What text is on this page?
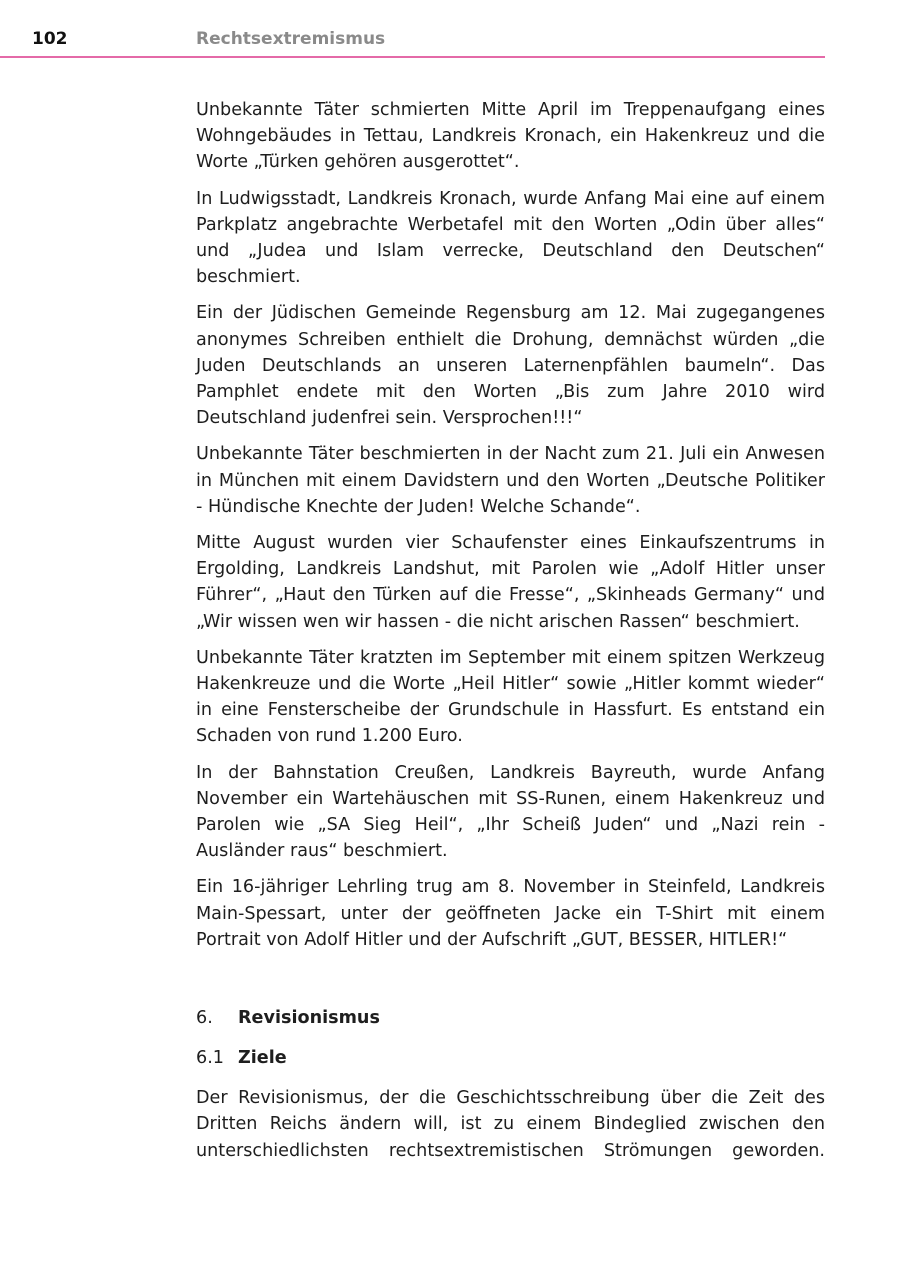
102	Rechtsextremismus

Unbekannte Täter schmierten Mitte April im Treppenaufgang eines Wohngebäudes in Tettau, Landkreis Kronach, ein Hakenkreuz und die Worte „Türken gehören ausgerottet“.

In Ludwigsstadt, Landkreis Kronach, wurde Anfang Mai eine auf einem Parkplatz angebrachte Werbetafel mit den Worten „Odin über alles“ und „Judea und Islam verrecke, Deutschland den Deutschen“ beschmiert.

Ein der Jüdischen Gemeinde Regensburg am 12. Mai zugegangenes anonymes Schreiben enthielt die Drohung, demnächst würden „die Juden Deutschlands an unseren Laternenpfählen baumeln“. Das Pamphlet endete mit den Worten „Bis zum Jahre 2010 wird Deutschland judenfrei sein. Versprochen!!!“

Unbekannte Täter beschmierten in der Nacht zum 21. Juli ein Anwesen in München mit einem Davidstern und den Worten „Deutsche Politiker - Hündische Knechte der Juden! Welche Schande“.

Mitte August wurden vier Schaufenster eines Einkaufszentrums in Ergolding, Landkreis Landshut, mit Parolen wie „Adolf Hitler unser Führer“, „Haut den Türken auf die Fresse“, „Skinheads Germany“ und „Wir wissen wen wir hassen - die nicht arischen Rassen“ beschmiert.

Unbekannte Täter kratzten im September mit einem spitzen Werkzeug Hakenkreuze und die Worte „Heil Hitler“ sowie „Hitler kommt wieder“ in eine Fensterscheibe der Grundschule in Hassfurt. Es entstand ein Schaden von rund 1.200 Euro.

In der Bahnstation Creußen, Landkreis Bayreuth, wurde Anfang November ein Wartehäuschen mit SS-Runen, einem Hakenkreuz und Parolen wie „SA Sieg Heil“, „Ihr Scheiß Juden“ und „Nazi rein - Ausländer raus“ beschmiert.

Ein 16-jähriger Lehrling trug am 8. November in Steinfeld, Landkreis Main-Spessart, unter der geöffneten Jacke ein T-Shirt mit einem Portrait von Adolf Hitler und der Aufschrift „GUT, BESSER, HITLER!“

6. Revisionismus
6.1 Ziele

Der Revisionismus, der die Geschichtsschreibung über die Zeit des Dritten Reichs ändern will, ist zu einem Bindeglied zwischen den unterschiedlichsten rechtsextremistischen Strömungen geworden.
